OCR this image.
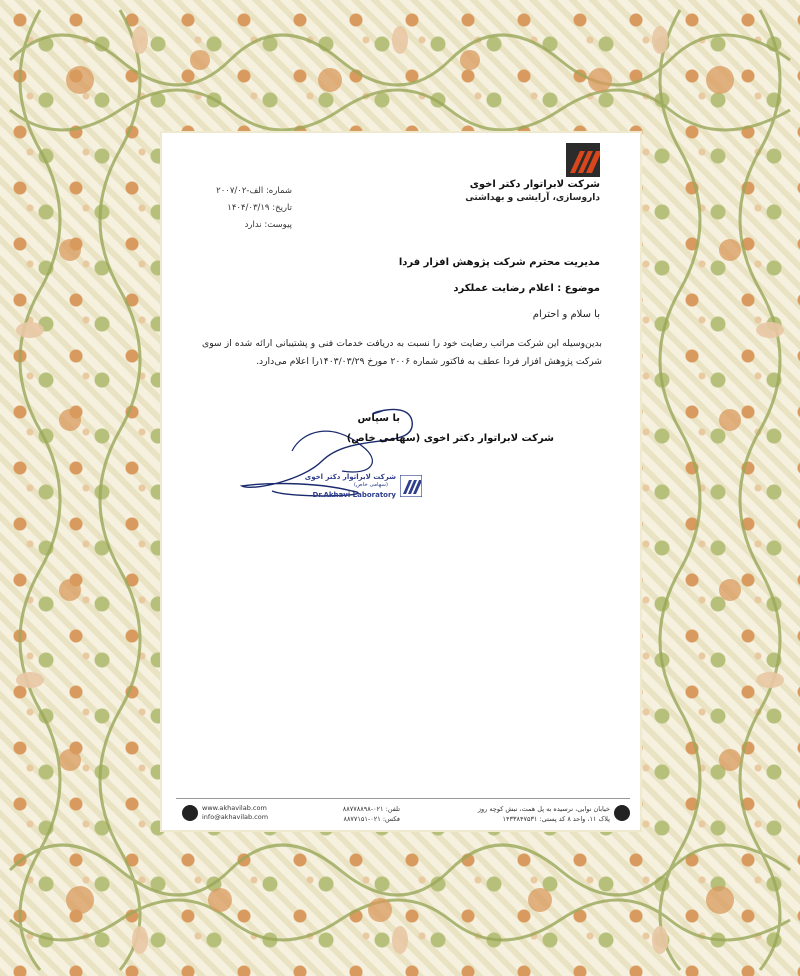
شرکت لابراتوار دکتر اخوی
داروسازی، آرایشی و بهداشتی
شماره: الف-۲۰۰۷/۰۲
تاریخ: ۱۴۰۴/۰۳/۱۹
پیوست: ندارد
مدیریت محترم شرکت پژوهش افزار فردا
موضوع : اعلام رضایت عملکرد
با سلام و احترام
بدین‌وسیله این شرکت مراتب رضایت خود را نسبت به دریافت خدمات فنی و پشتیبانی ارائه شده از سوی شرکت پژوهش افزار فردا عطف به فاکتور شماره ۲۰۰۶ مورخ ۱۴۰۳/۰۳/۲۹را اعلام می‌دارد.
با سپاس
شرکت لابراتوار دکتر اخوی (سهامی خاص)
شرکت لابراتوار دکتر اخوی
(سهامی خاص)
Dr.Akhavi Laboratory
www.akhavilab.com
info@akhavilab.com
تلفن: ۰۲۱-۸۸۷۷۸۸۹۸
فکس: ۰۲۱-۸۸۷۷۱۵۱
خیابان نوابی، نرسیده به پل همت، نبش کوچه روز
پلاک ۱۱، واحد ۸ کد پستی: ۱۴۳۳۸۴۷۵۳۱
